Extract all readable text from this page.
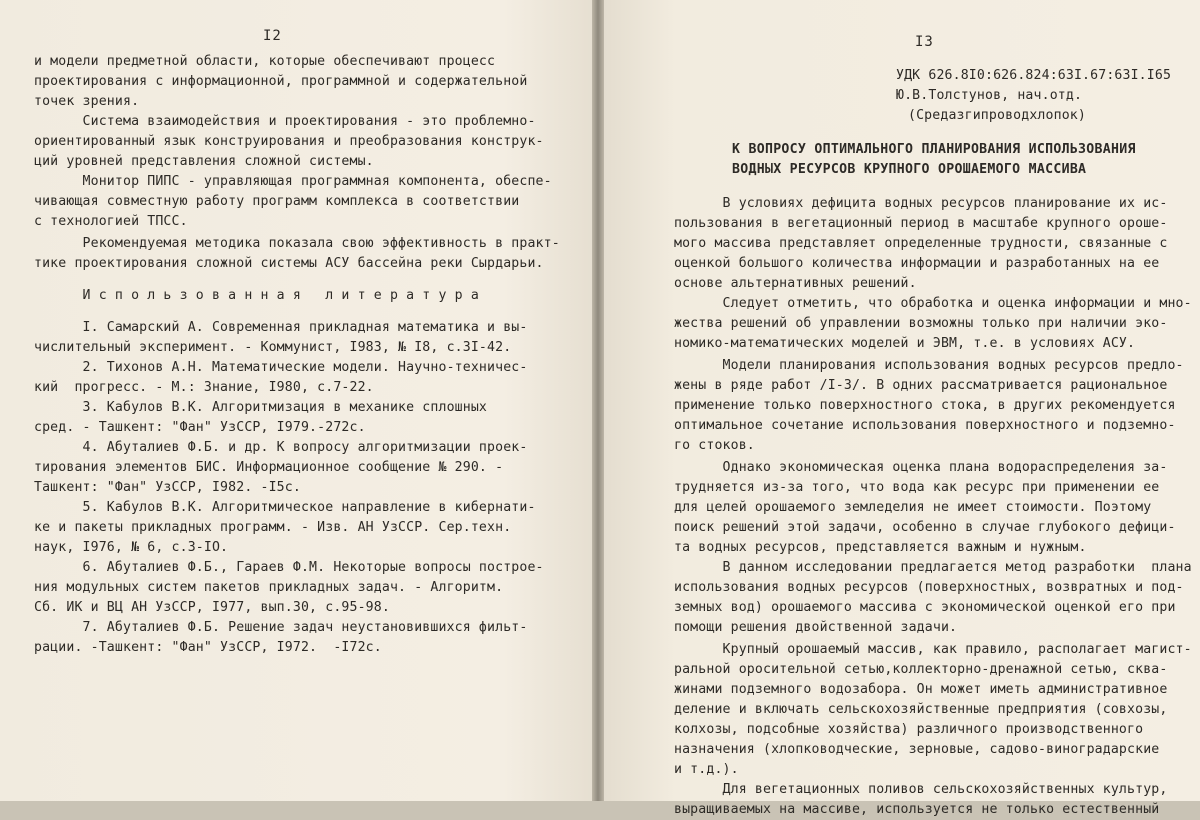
I2
и модели предметной области, которые обеспечивают процесс
проектирования с информационной, программной и содержательной
точек зрения.
Система взаимодействия и проектирования - это проблемно-
ориентированный язык конструирования и преобразования конструк-
ций уровней представления сложной системы.
Монитор ПИПС - управляющая программная компонента, обеспе-
чивающая совместную работу программ комплекса в соответствии
с технологией ТПСС.
Рекомендуемая методика показала свою эффективность в практ-
тике проектирования сложной системы АСУ бассейна реки Сырдарьи.
И с п о л ь з о в а н н а я   л и т е р а т у р а
I. Самарский А. Современная прикладная математика и вы-
числительный эксперимент. - Коммунист, I983, № I8, с.3I-42.
2. Тихонов А.Н. Математические модели. Научно-техничес-
кий  прогресс. - М.: Знание, I980, с.7-22.
3. Кабулов В.К. Алгоритмизация в механике сплошных
сред. - Ташкент: "Фан" УзССР, I979.-272с.
4. Абуталиев Ф.Б. и др. К вопросу алгоритмизации проек-
тирования элементов БИС. Информационное сообщение № 290. -
Ташкент: "Фан" УзССР, I982. -I5с.
5. Кабулов В.К. Алгоритмическое направление в кибернати-
ке и пакеты прикладных программ. - Изв. АН УзССР. Сер.техн.
наук, I976, № 6, с.3-IO.
6. Абуталиев Ф.Б., Гараев Ф.М. Некоторые вопросы построе-
ния модульных систем пакетов прикладных задач. - Алгоритм.
Сб. ИК и ВЦ АН УзССР, I977, вып.30, с.95-98.
7. Абуталиев Ф.Б. Решение задач неустановившихся фильт-
рации. -Ташкент: "Фан" УзССР, I972.  -I72с.
I3
УДК 626.8I0:626.824:63I.67:63I.I65
Ю.В.Толстунов, нач.отд.
(Средазгипроводхлопок)
К ВОПРОСУ ОПТИМАЛЬНОГО ПЛАНИРОВАНИЯ ИСПОЛЬЗОВАНИЯ
ВОДНЫХ РЕСУРСОВ КРУПНОГО ОРОШАЕМОГО МАССИВА
В условиях дефицита водных ресурсов планирование их ис-
пользования в вегетационный период в масштабе крупного ороше-
мого массива представляет определенные трудности, связанные с
оценкой большого количества информации и разработанных на ее
основе альтернативных решений.
Следует отметить, что обработка и оценка информации и мно-
жества решений об управлении возможны только при наличии эко-
номико-математических моделей и ЭВМ, т.е. в условиях АСУ.
Модели планирования использования водных ресурсов предло-
жены в ряде работ /I-3/. В одних рассматривается рациональное
применение только поверхностного стока, в других рекомендуется
оптимальное сочетание использования поверхностного и подземно-
го стоков.
Однако экономическая оценка плана водораспределения за-
трудняется из-за того, что вода как ресурс при применении ее
для целей орошаемого земледелия не имеет стоимости. Поэтому
поиск решений этой задачи, особенно в случае глубокого дефици-
та водных ресурсов, представляется важным и нужным.
В данном исследовании предлагается метод разработки  плана
использования водных ресурсов (поверхностных, возвратных и под-
земных вод) орошаемого массива с экономической оценкой его при
помощи решения двойственной задачи.
Крупный орошаемый массив, как правило, располагает магист-
ральной оросительной сетью,коллекторно-дренажной сетью, сква-
жинами подземного водозабора. Он может иметь административное
деление и включать сельскохозяйственные предприятия (совхозы,
колхозы, подсобные хозяйства) различного производственного
назначения (хлопководческие, зерновые, садово-виноградарские
и т.д.).
Для вегетационных поливов сельскохозяйственных культур,
выращиваемых на массиве, используется не только естественный
